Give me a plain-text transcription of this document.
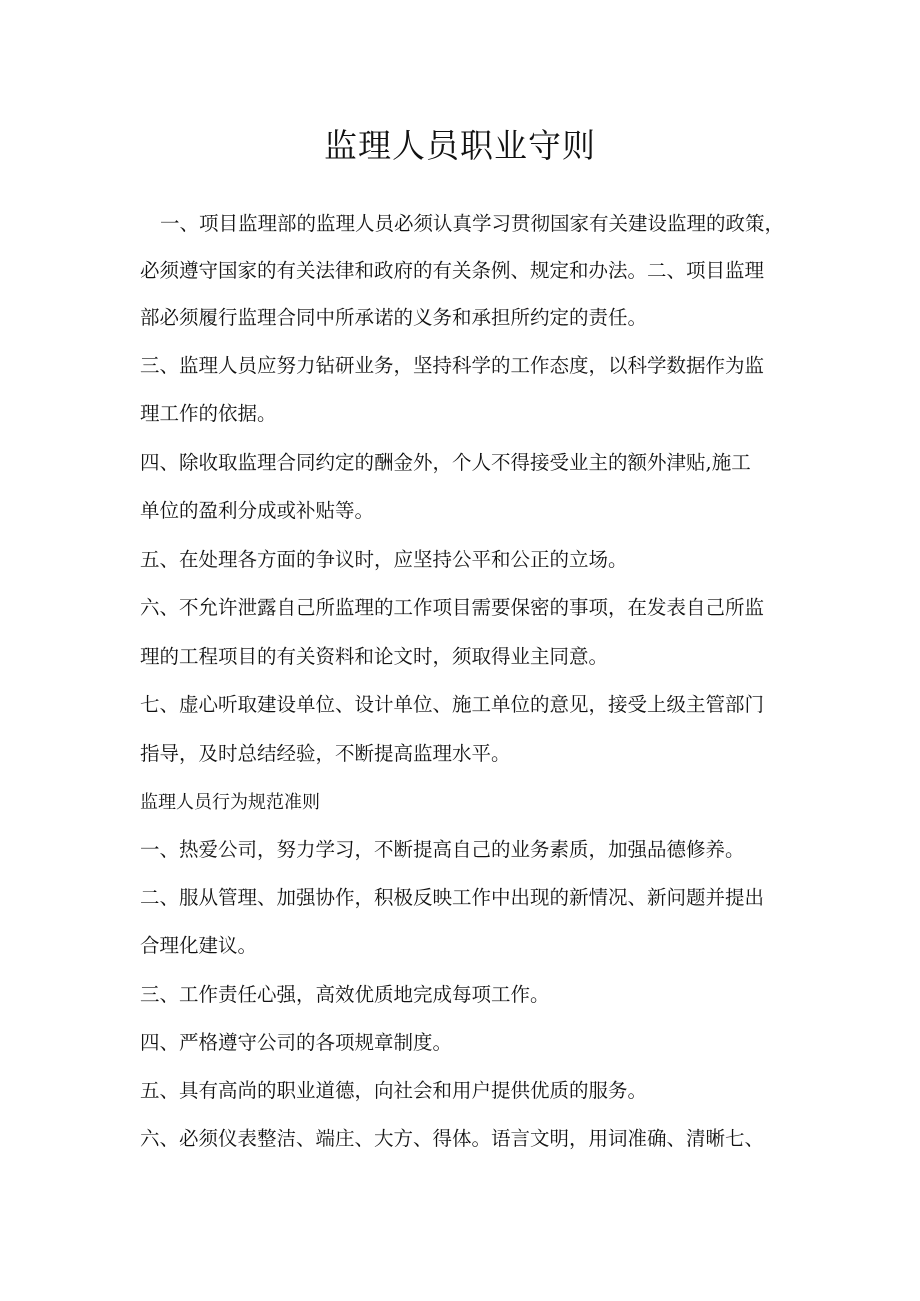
监理人员职业守则
一、项目监理部的监理人员必须认真学习贯彻国家有关建设监理的政策，
必须遵守国家的有关法律和政府的有关条例、规定和办法。二、项目监理
部必须履行监理合同中所承诺的义务和承担所约定的责任。
三、监理人员应努力钻研业务，坚持科学的工作态度，以科学数据作为监
理工作的依据。
四、除收取监理合同约定的酬金外，个人不得接受业主的额外津贴,施工
单位的盈利分成或补贴等。
五、在处理各方面的争议时，应坚持公平和公正的立场。
六、不允许泄露自己所监理的工作项目需要保密的事项，在发表自己所监
理的工程项目的有关资料和论文时，须取得业主同意。
七、虚心听取建设单位、设计单位、施工单位的意见，接受上级主管部门
指导，及时总结经验，不断提高监理水平。
监理人员行为规范准则
一、热爱公司，努力学习，不断提高自己的业务素质，加强品德修养。
二、服从管理、加强协作，积极反映工作中出现的新情况、新问题并提出
合理化建议。
三、工作责任心强，高效优质地完成每项工作。
四、严格遵守公司的各项规章制度。
五、具有高尚的职业道德，向社会和用户提供优质的服务。
六、必须仪表整洁、端庄、大方、得体。语言文明，用词准确、清晰七、
